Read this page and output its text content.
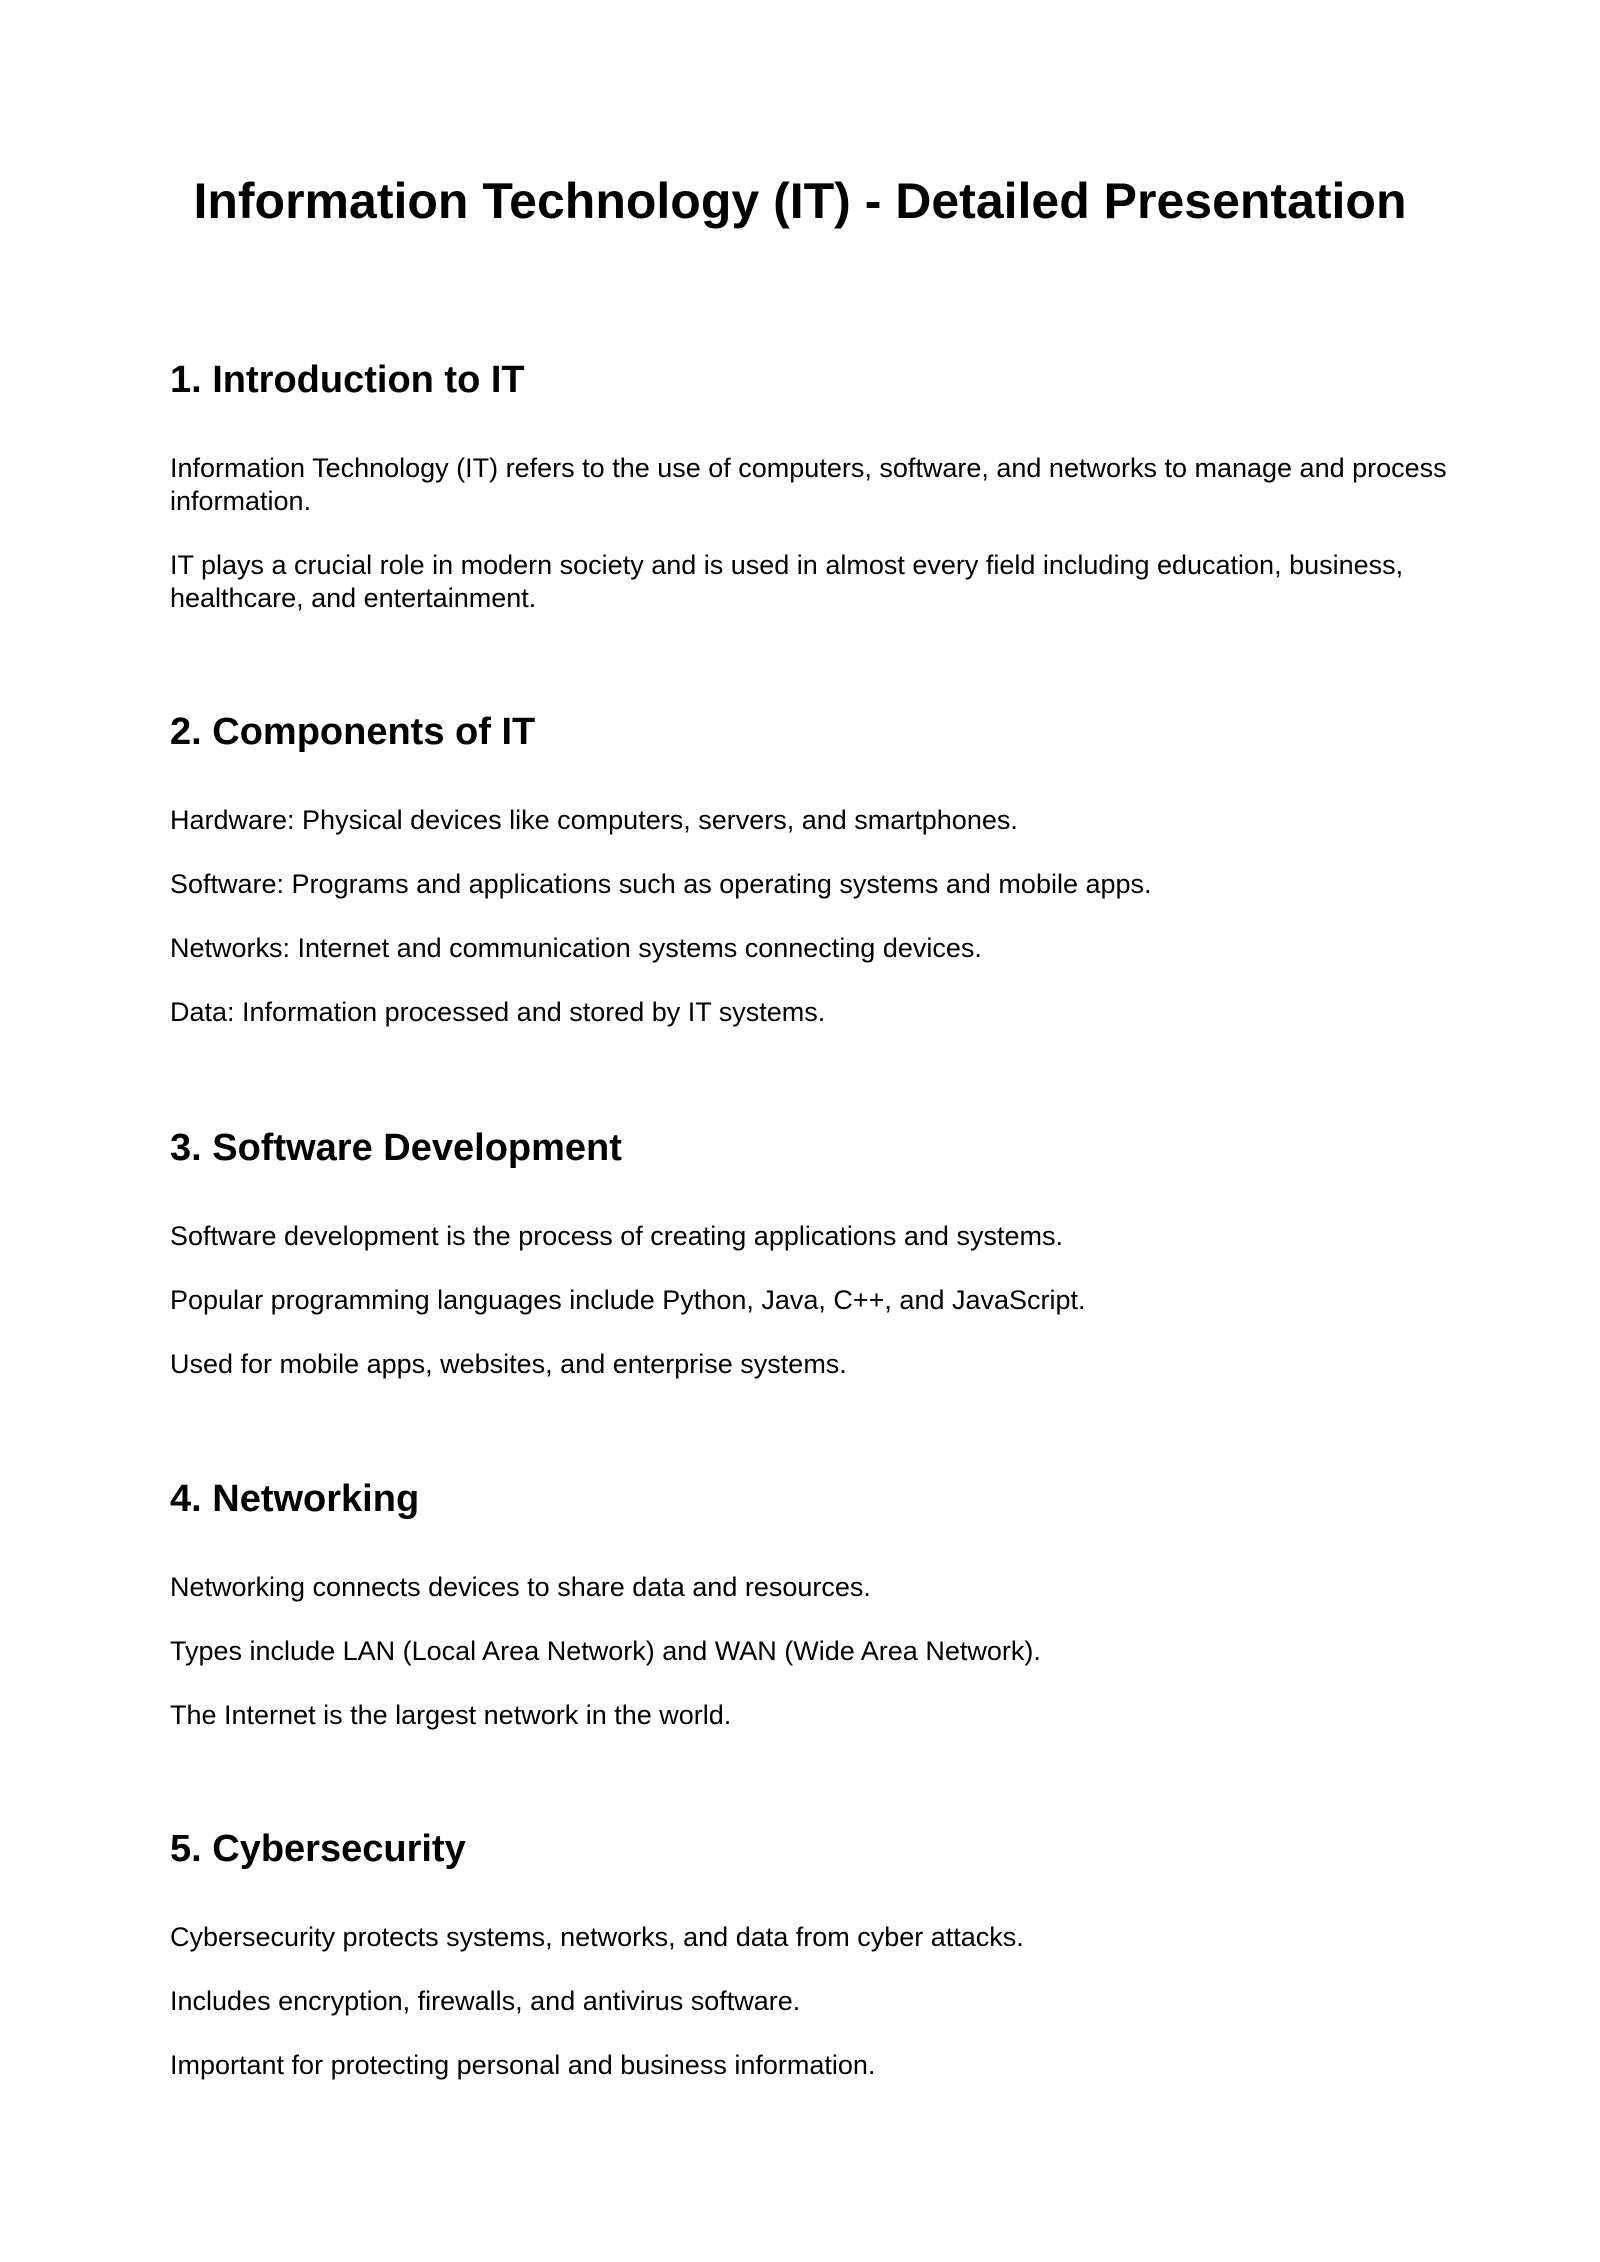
Information Technology (IT) - Detailed Presentation
1. Introduction to IT

Information Technology (IT) refers to the use of computers, software, and networks to manage and process information.

IT plays a crucial role in modern society and is used in almost every field including education, business, healthcare, and entertainment.

2. Components of IT

Hardware: Physical devices like computers, servers, and smartphones.

Software: Programs and applications such as operating systems and mobile apps.

Networks: Internet and communication systems connecting devices.

Data: Information processed and stored by IT systems.

3. Software Development

Software development is the process of creating applications and systems.

Popular programming languages include Python, Java, C++, and JavaScript.

Used for mobile apps, websites, and enterprise systems.

4. Networking

Networking connects devices to share data and resources.

Types include LAN (Local Area Network) and WAN (Wide Area Network).

The Internet is the largest network in the world.

5. Cybersecurity

Cybersecurity protects systems, networks, and data from cyber attacks.

Includes encryption, firewalls, and antivirus software.

Important for protecting personal and business information.
